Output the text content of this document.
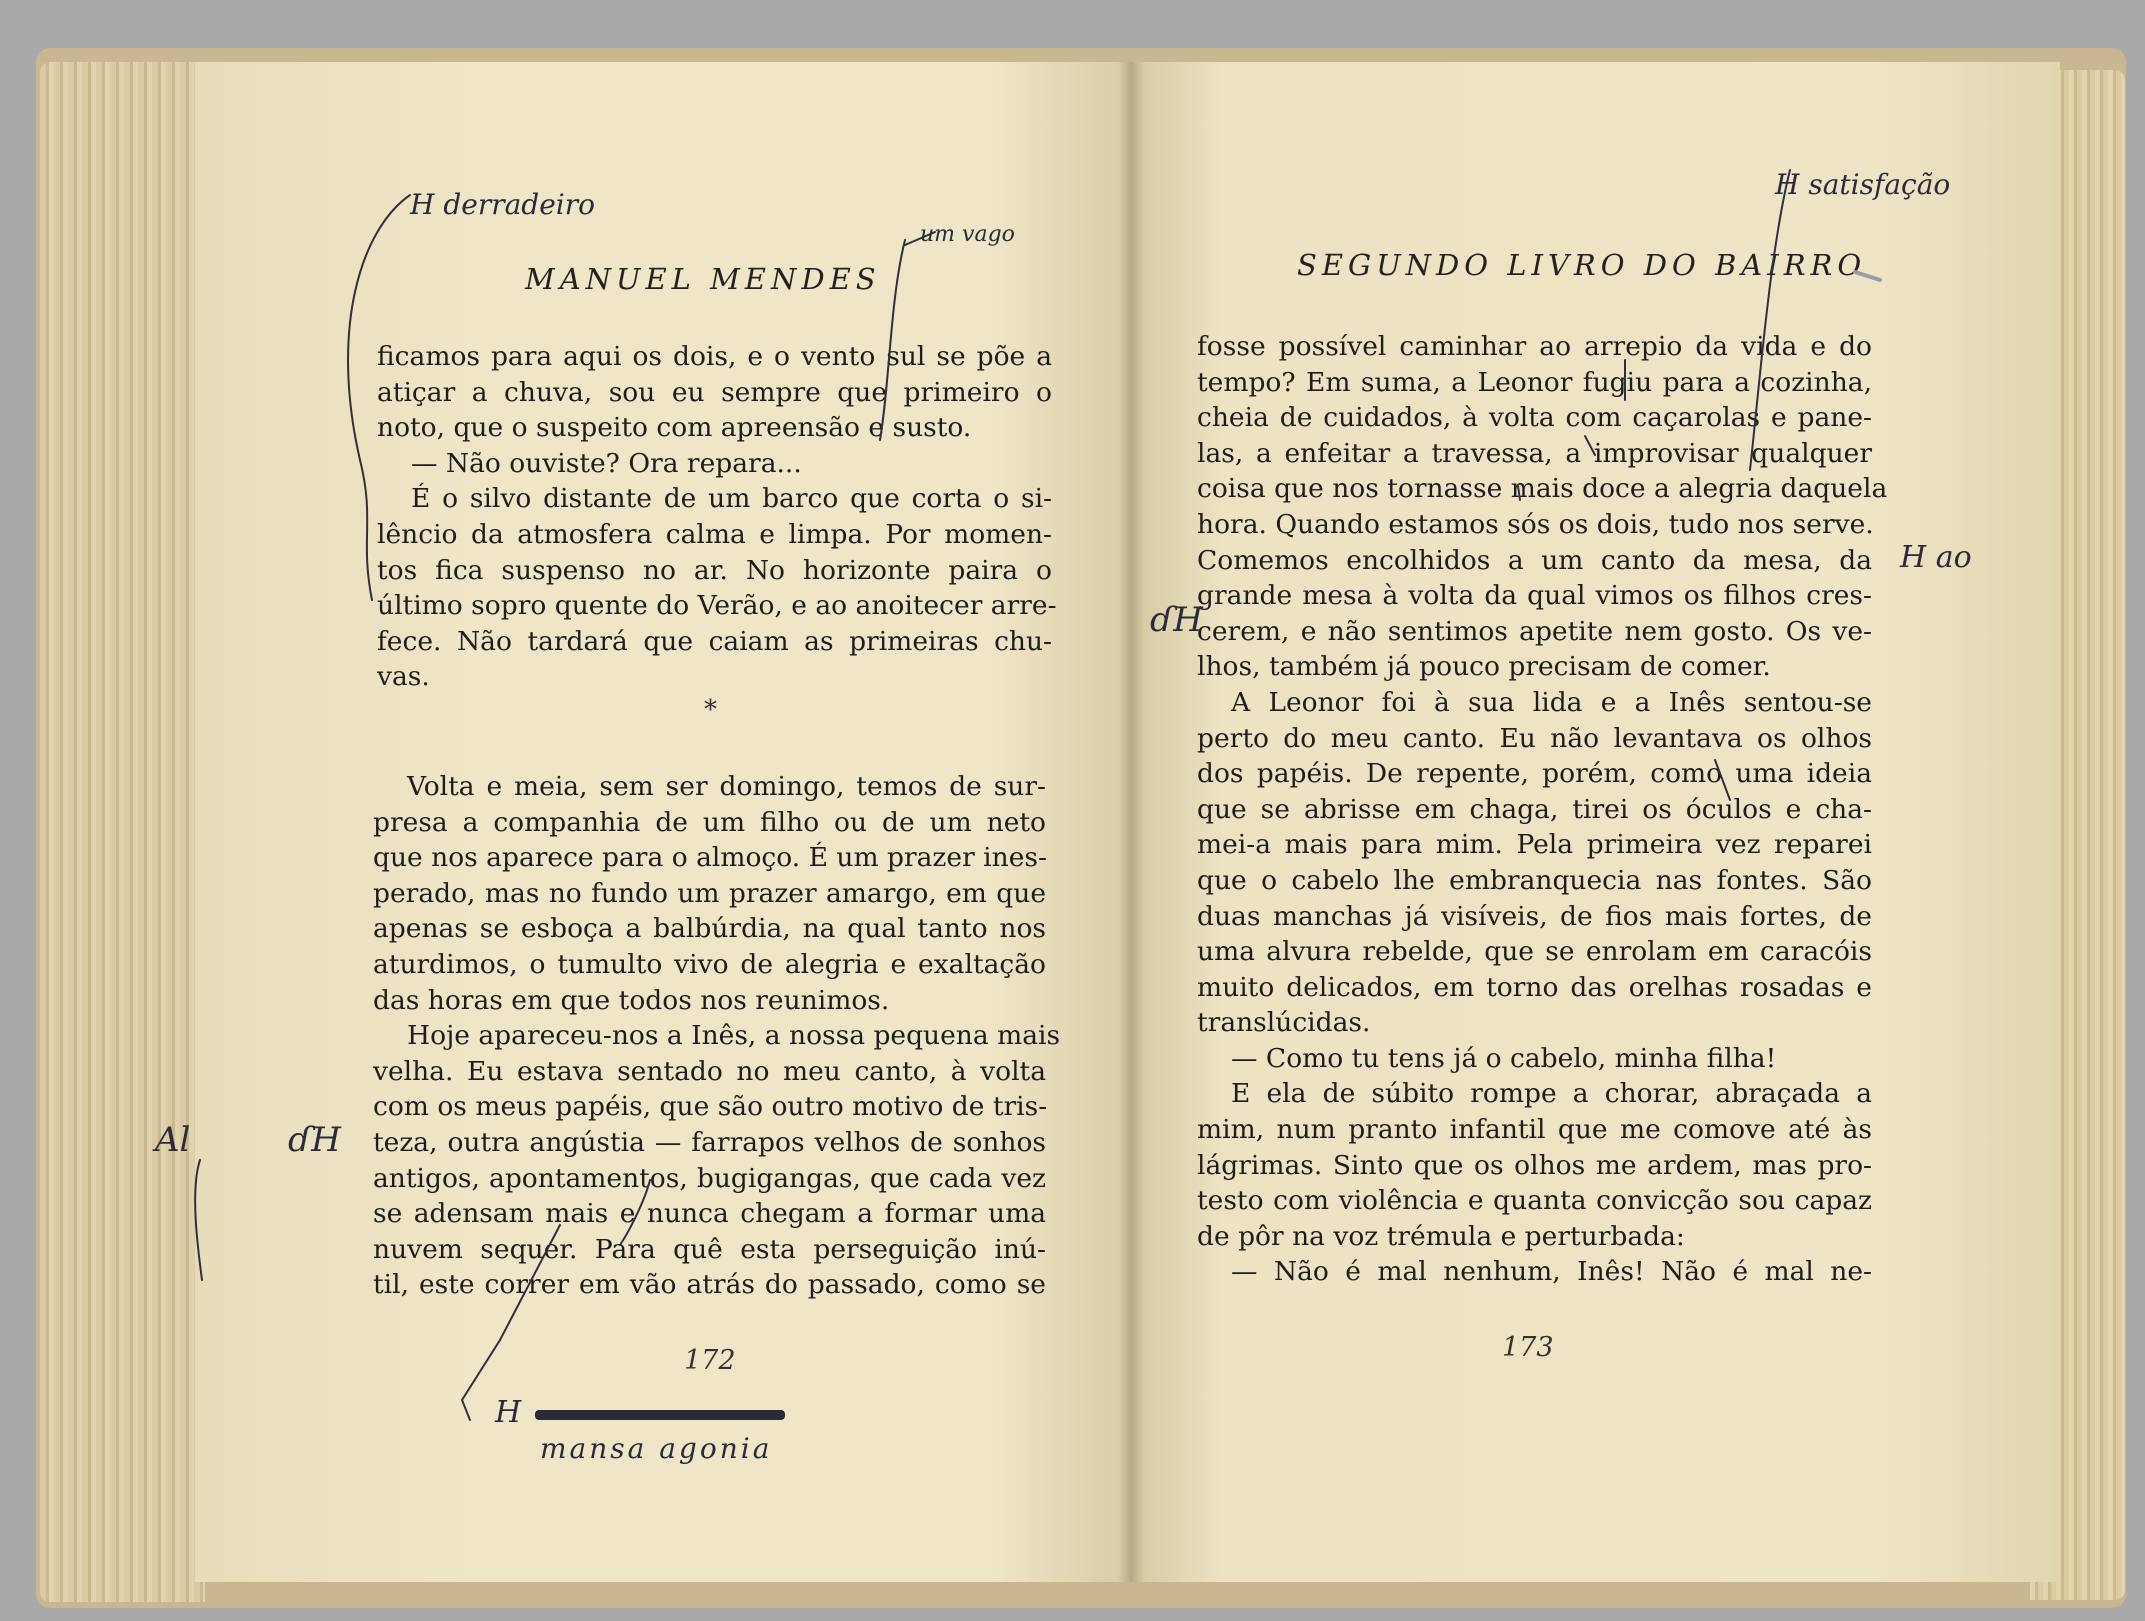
MANUEL MENDES

ficamos para aqui os dois, e o vento sul se põe a

atiçar a chuva, sou eu sempre que primeiro o

noto, que o suspeito com apreensão e susto.

— Não ouviste? Ora repara...

É o silvo distante de um barco que corta o si-

lêncio da atmosfera calma e limpa. Por momen-

tos fica suspenso no ar. No horizonte paira o

último sopro quente do Verão, e ao anoitecer arre-

fece. Não tardará que caiam as primeiras chu-

vas.

*

Volta e meia, sem ser domingo, temos de sur-

presa a companhia de um filho ou de um neto

que nos aparece para o almoço. É um prazer ines-

perado, mas no fundo um prazer amargo, em que

apenas se esboça a balbúrdia, na qual tanto nos

aturdimos, o tumulto vivo de alegria e exaltação

das horas em que todos nos reunimos.

Hoje apareceu-nos a Inês, a nossa pequena mais

velha. Eu estava sentado no meu canto, à volta

com os meus papéis, que são outro motivo de tris-

teza, outra angústia — farrapos velhos de sonhos

antigos, apontamentos, bugigangas, que cada vez

se adensam mais e nunca chegam a formar uma

nuvem sequer. Para quê esta perseguição inú-

til, este correr em vão atrás do passado, como se

172
SEGUNDO LIVRO DO BAIRRO

fosse possível caminhar ao arrepio da vida e do

tempo? Em suma, a Leonor fugiu para a cozinha,

cheia de cuidados, à volta com caçarolas e pane-

las, a enfeitar a travessa, a improvisar qualquer

coisa que nos tornasse mais doce a alegria daquela

hora. Quando estamos sós os dois, tudo nos serve.

Comemos encolhidos a um canto da mesa, da

grande mesa à volta da qual vimos os filhos cres-

cerem, e não sentimos apetite nem gosto. Os ve-

lhos, também já pouco precisam de comer.

A Leonor foi à sua lida e a Inês sentou-se

perto do meu canto. Eu não levantava os olhos

dos papéis. De repente, porém, como uma ideia

que se abrisse em chaga, tirei os óculos e cha-

mei-a mais para mim. Pela primeira vez reparei

que o cabelo lhe embranquecia nas fontes. São

duas manchas já visíveis, de fios mais fortes, de

uma alvura rebelde, que se enrolam em caracóis

muito delicados, em torno das orelhas rosadas e

translúcidas.

— Como tu tens já o cabelo, minha filha!

E ela de súbito rompe a chorar, abraçada a

mim, num pranto infantil que me comove até às

lágrimas. Sinto que os olhos me ardem, mas pro-

testo com violência e quanta convicção sou capaz

de pôr na voz trémula e perturbada:

— Não é mal nenhum, Inês! Não é mal ne-

173
H derradeiro
um vago
Al	ɗH
H
mansa agonia
H satisfação
H ao
ɗH
